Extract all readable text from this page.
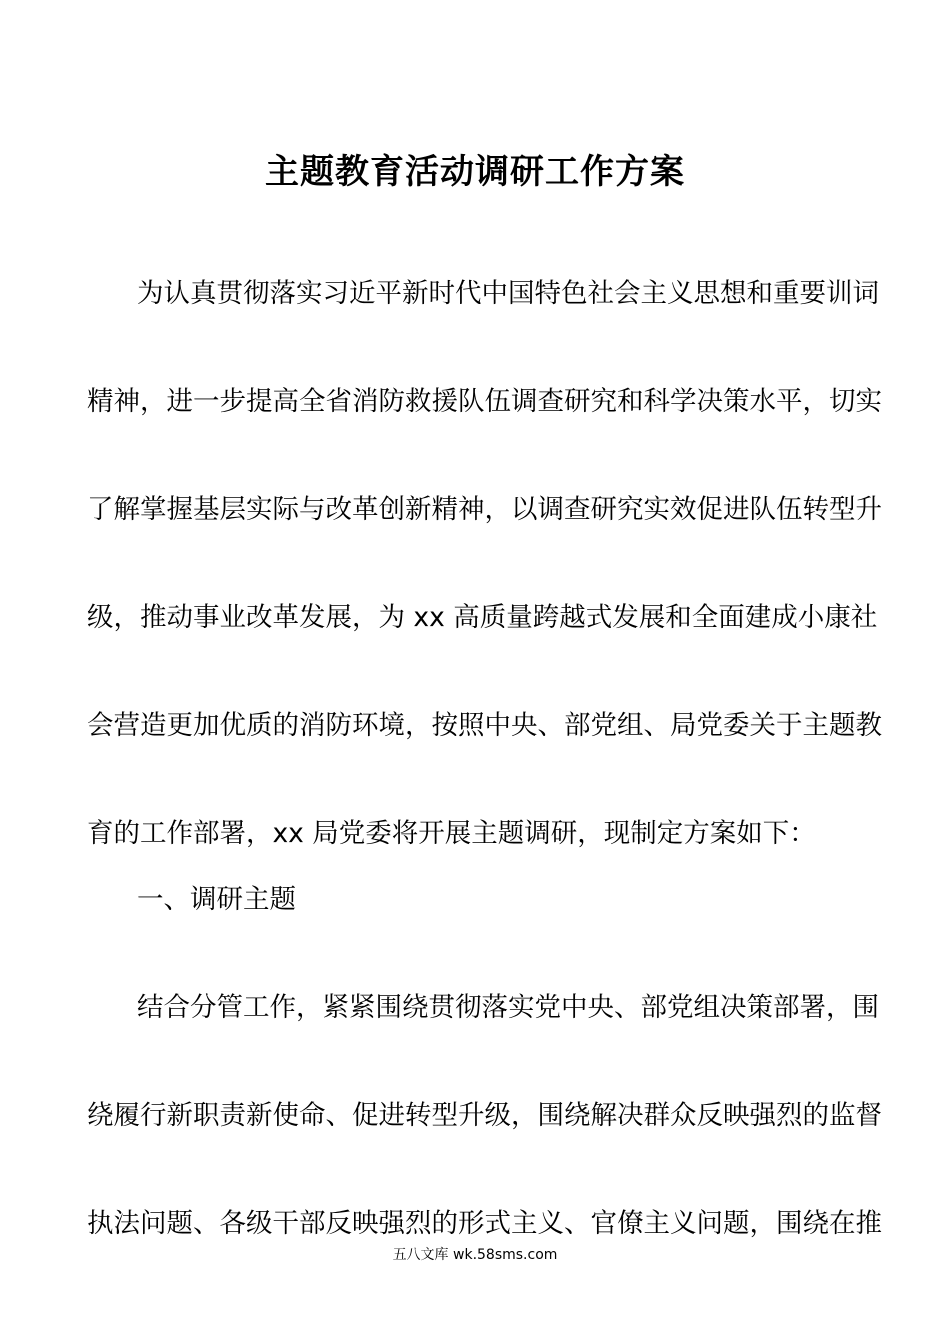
主题教育活动调研工作方案
为认真贯彻落实习近平新时代中国特色社会主义思想和重要训词
精神，进一步提高全省消防救援队伍调查研究和科学决策水平，切实
了解掌握基层实际与改革创新精神，以调查研究实效促进队伍转型升
级，推动事业改革发展，为 xx 高质量跨越式发展和全面建成小康社
会营造更加优质的消防环境，按照中央、部党组、局党委关于主题教
育的工作部署，xx 局党委将开展主题调研，现制定方案如下：
一、调研主题
结合分管工作，紧紧围绕贯彻落实党中央、部党组决策部署，围
绕履行新职责新使命、促进转型升级，围绕解决群众反映强烈的监督
执法问题、各级干部反映强烈的形式主义、官僚主义问题，围绕在推
五八文库 wk.58sms.com
